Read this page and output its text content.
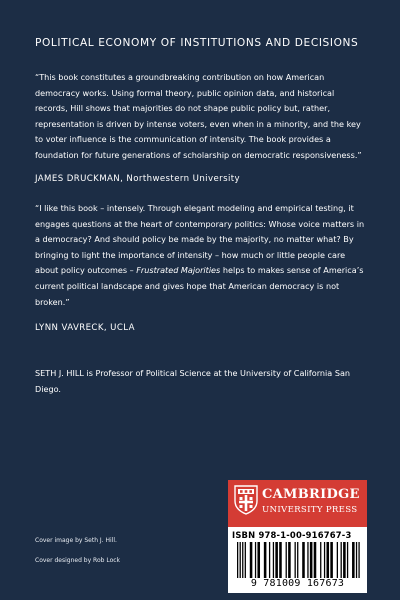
POLITICAL ECONOMY OF INSTITUTIONS AND DECISIONS
“This book constitutes a groundbreaking contribution on how American democracy works. Using formal theory, public opinion data, and historical records, Hill shows that majorities do not shape public policy but, rather, representation is driven by intense voters, even when in a minority, and the key to voter influence is the communication of intensity. The book provides a foundation for future generations of scholarship on democratic responsiveness.”
JAMES DRUCKMAN, Northwestern University
“I like this book – intensely. Through elegant modeling and empirical testing, it engages questions at the heart of contemporary politics: Whose voice matters in a democracy? And should policy be made by the majority, no matter what? By bringing to light the importance of intensity – how much or little people care about policy outcomes – Frustrated Majorities helps to makes sense of America’s current political landscape and gives hope that American democracy is not broken.”
LYNN VAVRECK, UCLA
SETH J. HILL is Professor of Political Science at the University of California San Diego.
Cover image by Seth J. Hill.
Cover designed by Rob Lock
CAMBRIDGE
UNIVERSITY PRESS
ISBN 978-1-00-916767-3
9 781009 167673
